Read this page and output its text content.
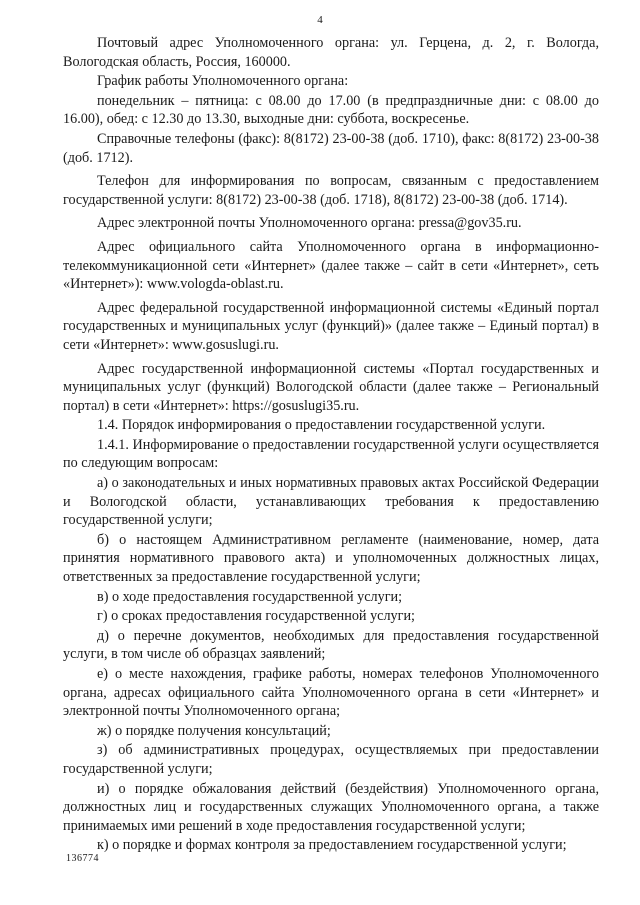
4

Почтовый адрес Уполномоченного органа: ул. Герцена, д. 2, г. Вологда, Вологодская область, Россия, 160000.

График работы Уполномоченного органа:

понедельник – пятница: с 08.00 до 17.00 (в предпраздничные дни: с 08.00 до 16.00), обед: с 12.30 до 13.30, выходные дни: суббота, воскресенье.

Справочные телефоны (факс): 8(8172) 23-00-38 (доб. 1710), факс: 8(8172) 23-00-38 (доб. 1712).

Телефон для информирования по вопросам, связанным с предоставлением государственной услуги: 8(8172) 23-00-38 (доб. 1718), 8(8172) 23-00-38 (доб. 1714).

Адрес электронной почты Уполномоченного органа: pressa@gov35.ru.

Адрес официального сайта Уполномоченного органа в информационно-телекоммуникационной сети «Интернет» (далее также – сайт в сети «Интернет», сеть «Интернет»): www.vologda-oblast.ru.

Адрес федеральной государственной информационной системы «Единый портал государственных и муниципальных услуг (функций)» (далее также – Единый портал) в сети «Интернет»: www.gosuslugi.ru.

Адрес государственной информационной системы «Портал государственных и муниципальных услуг (функций) Вологодской области (далее также – Региональный портал) в сети «Интернет»: https://gosuslugi35.ru.

1.4. Порядок информирования о предоставлении государственной услуги.

1.4.1. Информирование о предоставлении государственной услуги осуществляется по следующим вопросам:

а) о законодательных и иных нормативных правовых актах Российской Федерации и Вологодской области, устанавливающих требования к предоставлению государственной услуги;

б) о настоящем Административном регламенте (наименование, номер, дата принятия нормативного правового акта) и уполномоченных должностных лицах, ответственных за предоставление государственной услуги;

в) о ходе предоставления государственной услуги;

г) о сроках предоставления государственной услуги;

д) о перечне документов, необходимых для предоставления государственной услуги, в том числе об образцах заявлений;

е) о месте нахождения, графике работы, номерах телефонов Уполномоченного органа, адресах официального сайта Уполномоченного органа в сети «Интернет» и электронной почты Уполномоченного органа;

ж) о порядке получения консультаций;

з) об административных процедурах, осуществляемых при предоставлении государственной услуги;

и) о порядке обжалования действий (бездействия) Уполномоченного органа, должностных лиц и государственных служащих Уполномоченного органа, а также принимаемых ими решений в ходе предоставления государственной услуги;

к) о порядке и формах контроля за предоставлением государственной услуги;

136774
